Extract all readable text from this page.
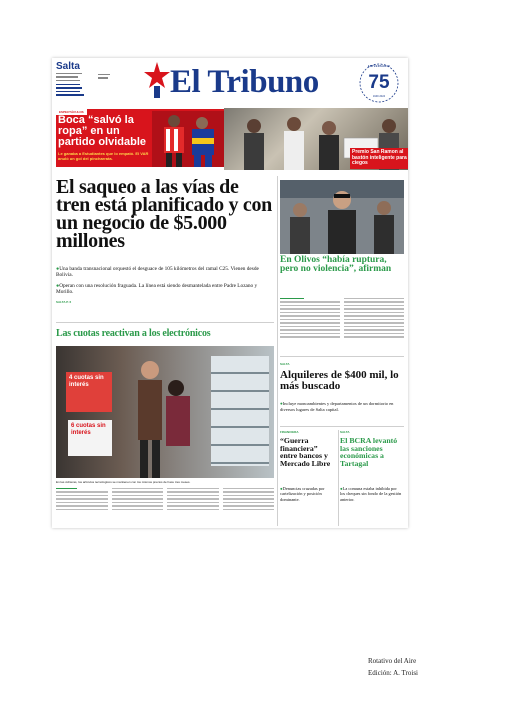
Salta	El Tribuno	75
ANIVERSARIO
1949 2024
ESPECTÁCULOS
Boca “salvó la ropa” en un partido olvidable
Le ganaba a Estudiantes que lo empató. El VAR anuló un gol del pincharrata.
Premio San Ramon al bastón inteligente para ciegos
El saqueo a las vías de tren está planificado y con un negocio de $5.000 millones

●Una banda transnacional orquestó el desguace de 105 kilómetros del ramal C25. Vienen desde Bolivia.

●Operan con una resolución fraguada. La línea está siendo desmantelada entre Padre Lozano y Morillo.

SALTA P. 6
Las cuotas reactivan a los electrónicos
4 cuotas sin interés
6 cuotas sin interés
En las vidrieras, los artículos tecnológicos se mantienen con los mismos precios de hace tres meses.
En Olivos “había ruptura, pero no violencia”, afirman
SALTA
Alquileres de $400 mil, lo más buscado
●Incluye monoambientes y departamentos de un dormitorio en diversos lugares de Salta capital.
FINANCIERA
“Guerra financiera” entre bancos y Mercado Libre
●Denuncias cruzadas por cartelización y posición dominante.
SALTA
El BCRA levantó las sanciones económicas a Tartagal
●La comuna estaba inhibida por los cheques sin fondo de la gestión anterior.
Rotativo del Aire
Edición: A. Troisi
